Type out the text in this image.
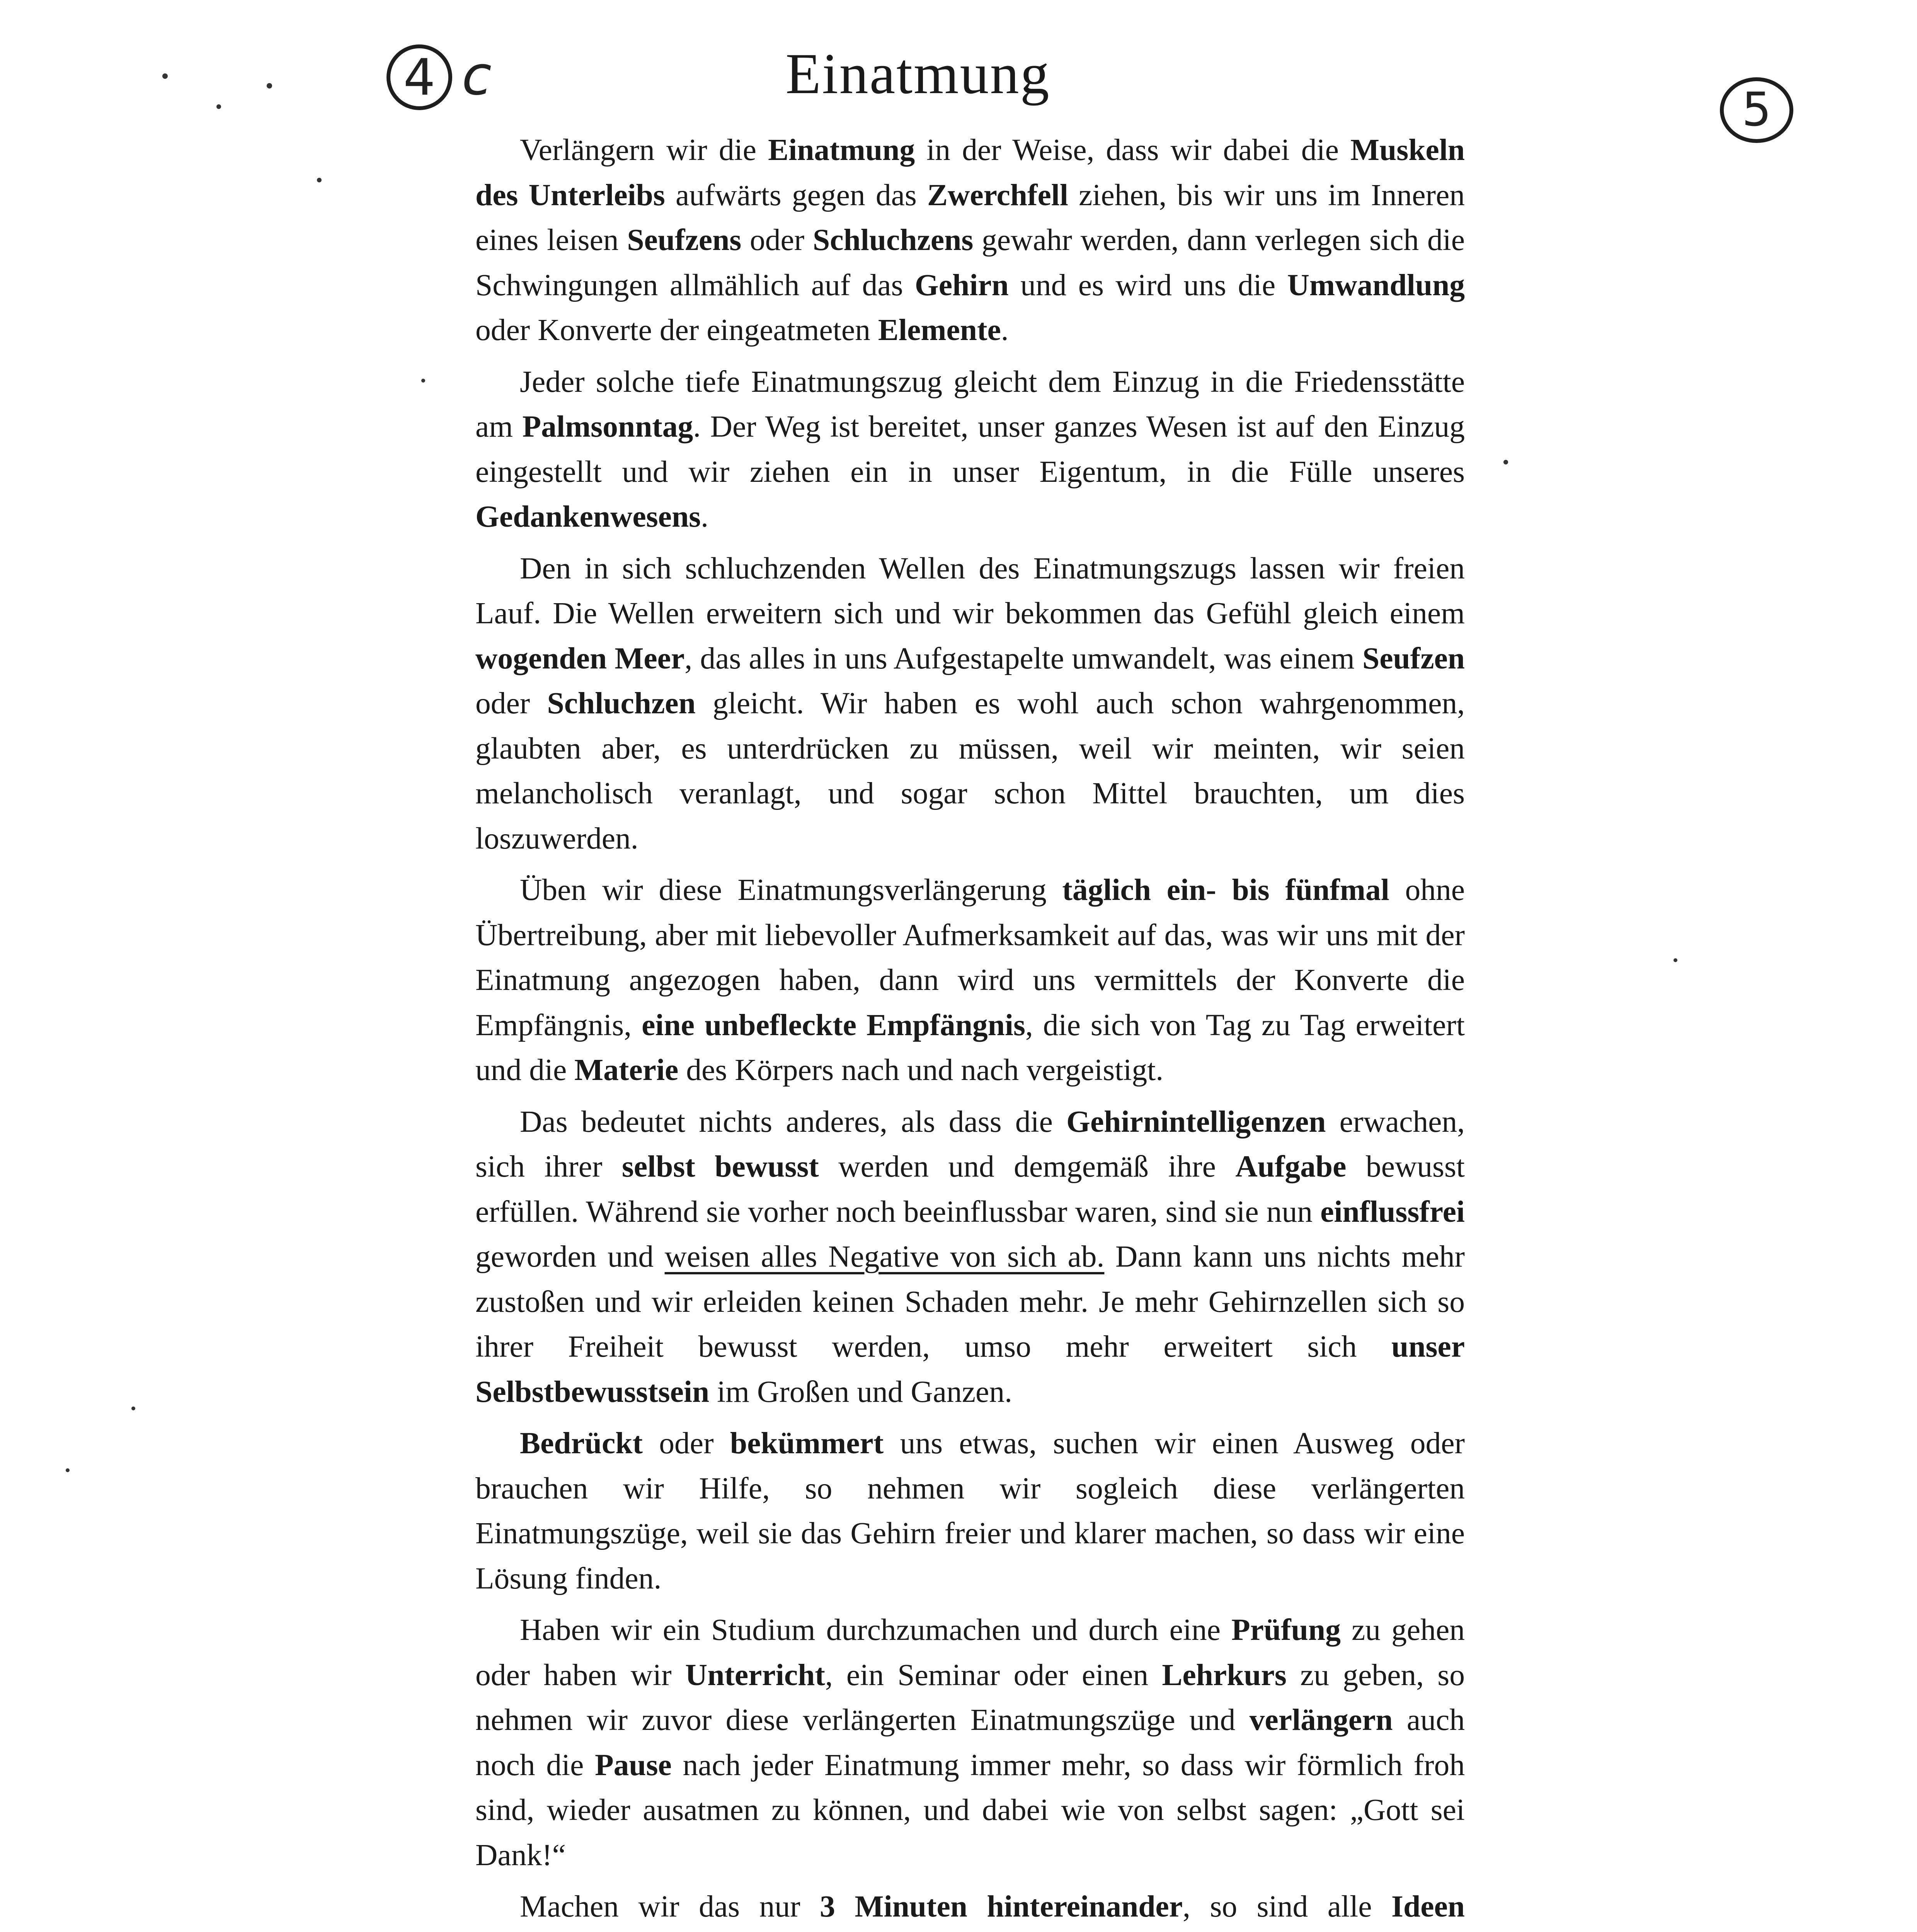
4 c
5
Einatmung

Verlängern wir die Einatmung in der Weise, dass wir dabei die Muskeln des Unterleibs aufwärts gegen das Zwerchfell ziehen, bis wir uns im Inneren eines leisen Seufzens oder Schluchzens gewahr werden, dann verlegen sich die Schwingungen allmählich auf das Gehirn und es wird uns die Umwandlung oder Konverte der eingeatmeten Elemente.

Jeder solche tiefe Einatmungszug gleicht dem Einzug in die Friedensstätte am Palmsonntag. Der Weg ist bereitet, unser ganzes Wesen ist auf den Einzug eingestellt und wir ziehen ein in unser Eigentum, in die Fülle unseres Gedankenwesens.

Den in sich schluchzenden Wellen des Einatmungszugs lassen wir freien Lauf. Die Wellen erweitern sich und wir bekommen das Gefühl gleich einem wogenden Meer, das alles in uns Aufgestapelte umwandelt, was einem Seufzen oder Schluchzen gleicht. Wir haben es wohl auch schon wahrgenommen, glaubten aber, es unterdrücken zu müssen, weil wir meinten, wir seien melancholisch veranlagt, und sogar schon Mittel brauchten, um dies loszuwerden.

Üben wir diese Einatmungsverlängerung täglich ein- bis fünfmal ohne Übertreibung, aber mit liebevoller Aufmerksamkeit auf das, was wir uns mit der Einatmung angezogen haben, dann wird uns vermittels der Konverte die Empfängnis, eine unbefleckte Empfängnis, die sich von Tag zu Tag erweitert und die Materie des Körpers nach und nach vergeistigt.

Das bedeutet nichts anderes, als dass die Gehirnintelligenzen erwachen, sich ihrer selbst bewusst werden und demgemäß ihre Aufgabe bewusst erfüllen. Während sie vorher noch beeinflussbar waren, sind sie nun einflussfrei geworden und weisen alles Negative von sich ab. Dann kann uns nichts mehr zustoßen und wir erleiden keinen Schaden mehr. Je mehr Gehirnzellen sich so ihrer Freiheit bewusst werden, umso mehr erweitert sich unser Selbstbewusstsein im Großen und Ganzen.

Bedrückt oder bekümmert uns etwas, suchen wir einen Ausweg oder brauchen wir Hilfe, so nehmen wir sogleich diese verlängerten Einatmungszüge, weil sie das Gehirn freier und klarer machen, so dass wir eine Lösung finden.

Haben wir ein Studium durchzumachen und durch eine Prüfung zu gehen oder haben wir Unterricht, ein Seminar oder einen Lehrkurs zu geben, so nehmen wir zuvor diese verlängerten Einatmungszüge und verlängern auch noch die Pause nach jeder Einatmung immer mehr, so dass wir förmlich froh sind, wieder ausatmen zu können, und dabei wie von selbst sagen: „Gott sei Dank!“

Machen wir das nur 3 Minuten hintereinander, so sind alle Ideen
